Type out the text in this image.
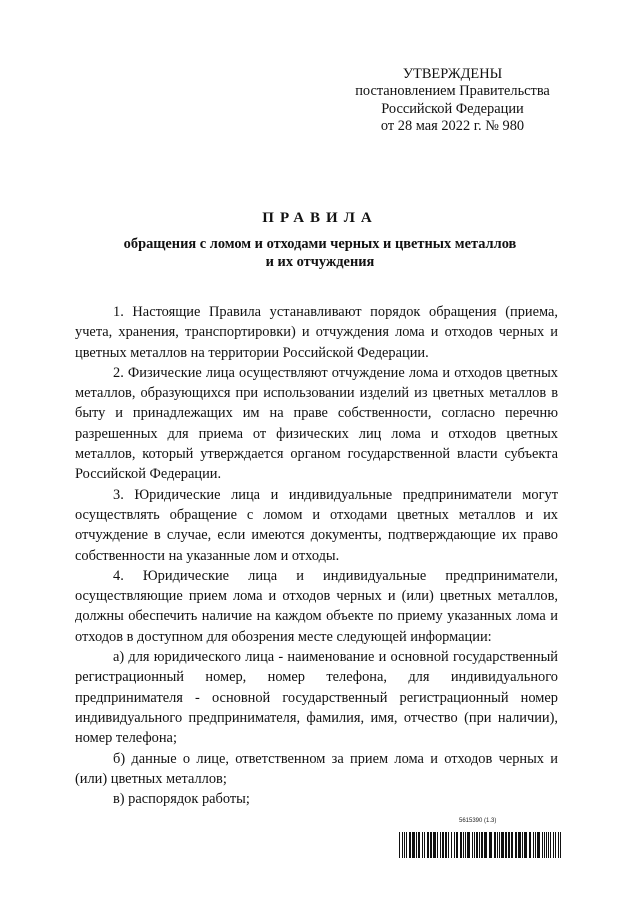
УТВЕРЖДЕНЫ
постановлением Правительства
Российской Федерации
от 28 мая 2022 г. № 980
ПРАВИЛА
обращения с ломом и отходами черных и цветных металлов
и их отчуждения

1. Настоящие Правила устанавливают порядок обращения (приема, учета, хранения, транспортировки) и отчуждения лома и отходов черных и цветных металлов на территории Российской Федерации.

2. Физические лица осуществляют отчуждение лома и отходов цветных металлов, образующихся при использовании изделий из цветных металлов в быту и принадлежащих им на праве собственности, согласно перечню разрешенных для приема от физических лиц лома и отходов цветных металлов, который утверждается органом государственной власти субъекта Российской Федерации.

3. Юридические лица и индивидуальные предприниматели могут осуществлять обращение с ломом и отходами цветных металлов и их отчуждение в случае, если имеются документы, подтверждающие их право собственности на указанные лом и отходы.

4. Юридические лица и индивидуальные предприниматели, осуществляющие прием лома и отходов черных и (или) цветных металлов, должны обеспечить наличие на каждом объекте по приему указанных лома и отходов в доступном для обозрения месте следующей информации:

а) для юридического лица - наименование и основной государственный регистрационный номер, номер телефона, для индивидуального предпринимателя - основной государственный регистрационный номер индивидуального предпринимателя, фамилия, имя, отчество (при наличии), номер телефона;

б) данные о лице, ответственном за прием лома и отходов черных и (или) цветных металлов;

в) распорядок работы;

5615390 (1.3)
